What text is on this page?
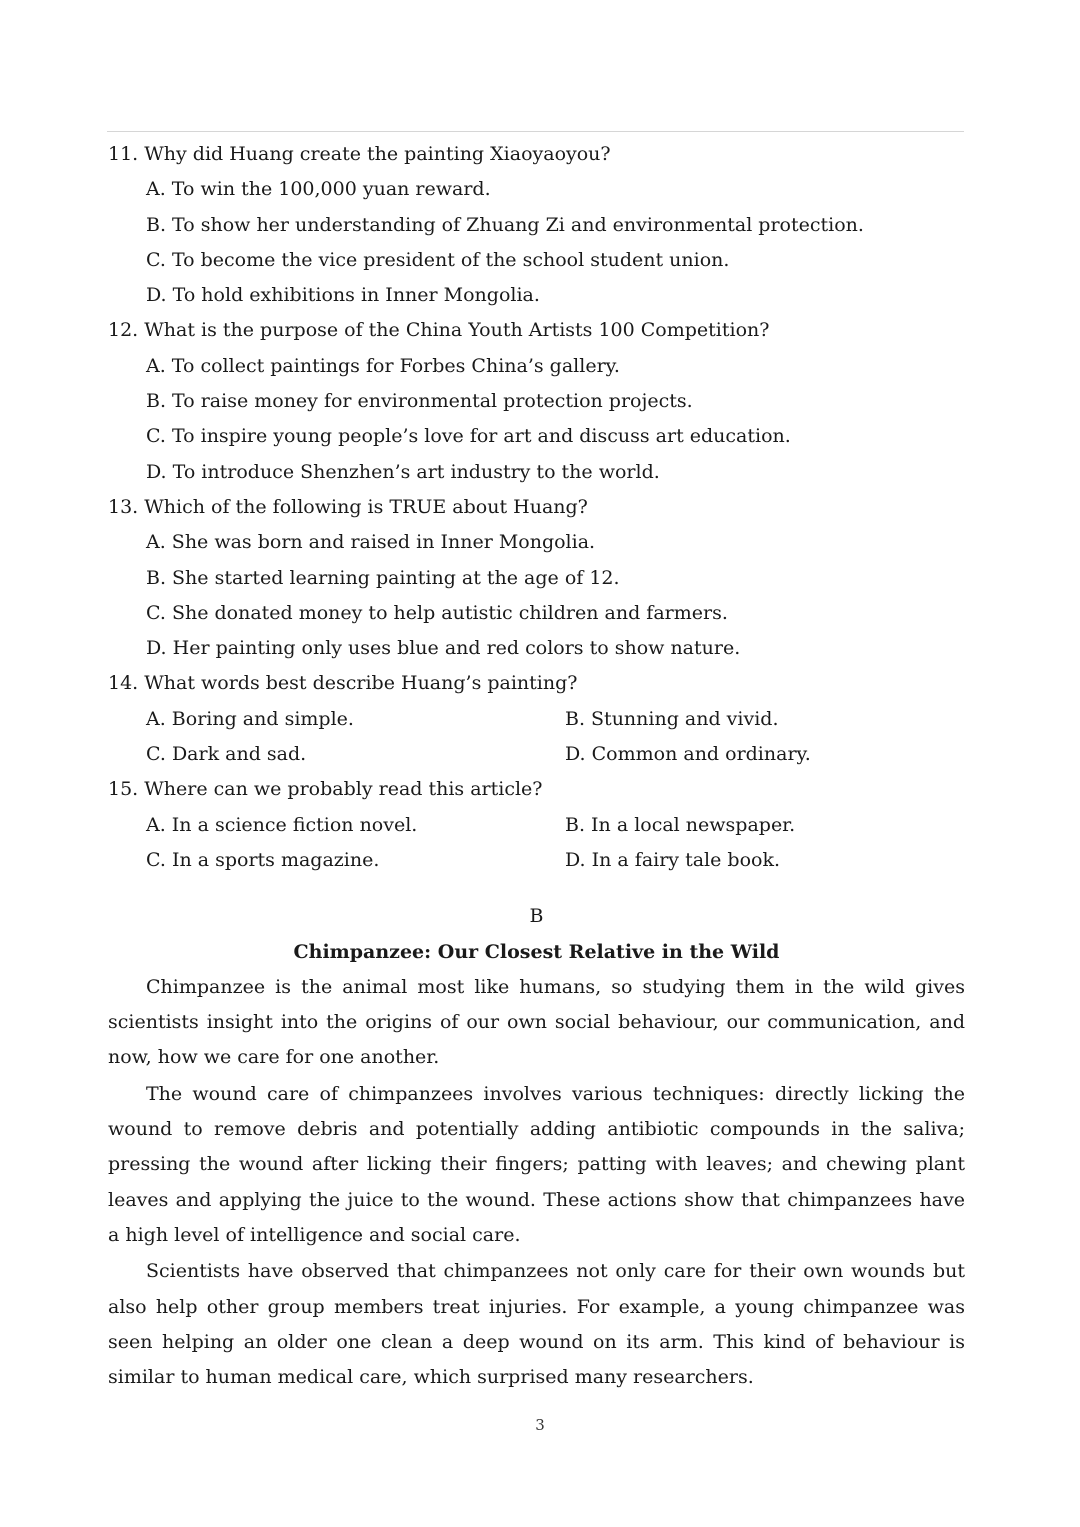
11. Why did Huang create the painting Xiaoyaoyou?
A. To win the 100,000 yuan reward.
B. To show her understanding of Zhuang Zi and environmental protection.
C. To become the vice president of the school student union.
D. To hold exhibitions in Inner Mongolia.
12. What is the purpose of the China Youth Artists 100 Competition?
A. To collect paintings for Forbes China’s gallery.
B. To raise money for environmental protection projects.
C. To inspire young people’s love for art and discuss art education.
D. To introduce Shenzhen’s art industry to the world.
13. Which of the following is TRUE about Huang?
A. She was born and raised in Inner Mongolia.
B. She started learning painting at the age of 12.
C. She donated money to help autistic children and farmers.
D. Her painting only uses blue and red colors to show nature.
14. What words best describe Huang’s painting?
A. Boring and simple.	B. Stunning and vivid.
C. Dark and sad.	D. Common and ordinary.
15. Where can we probably read this article?
A. In a science fiction novel.	B. In a local newspaper.
C. In a sports magazine.	D. In a fairy tale book.
B
Chimpanzee: Our Closest Relative in the Wild

Chimpanzee is the animal most like humans, so studying them in the wild gives scientists insight into the origins of our own social behaviour, our communication, and now, how we care for one another.

The wound care of chimpanzees involves various techniques: directly licking the wound to remove debris and potentially adding antibiotic compounds in the saliva; pressing the wound after licking their fingers; patting with leaves; and chewing plant leaves and applying the juice to the wound. These actions show that chimpanzees have a high level of intelligence and social care.

Scientists have observed that chimpanzees not only care for their own wounds but also help other group members treat injuries. For example, a young chimpanzee was seen helping an older one clean a deep wound on its arm. This kind of behaviour is similar to human medical care, which surprised many researchers.

3
